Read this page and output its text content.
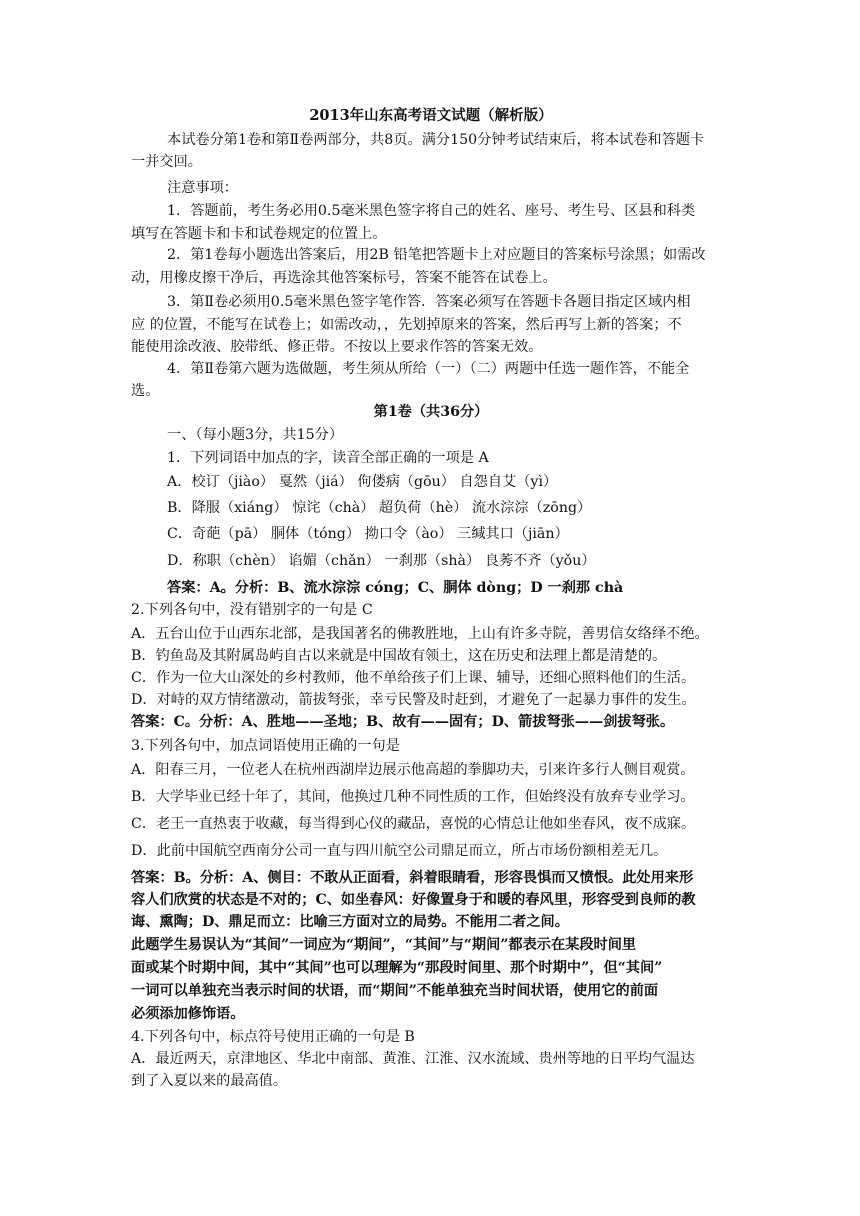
2013年山东高考语文试题（解析版）
本试卷分第1卷和第Ⅱ卷两部分，共8页。满分150分钟考试结束后，将本试卷和答题卡
一并交回。
注意事项：
1．答题前，考生务必用0.5毫米黑色签字将自己的姓名、座号、考生号、区县和科类
填写在答题卡和卡和试卷规定的位置上。
2．第1卷每小题选出答案后，用2B 铅笔把答题卡上对应题目的答案标号涂黑；如需改
动，用橡皮擦干净后，再选涂其他答案标号，答案不能答在试卷上。
3．第Ⅱ卷必须用0.5毫米黑色签字笔作答．答案必须写在答题卡各题目指定区域内相
应 的位置，不能写在试卷上；如需改动，，先划掉原来的答案，然后再写上新的答案；不
能使用涂改液、胶带纸、修正带。不按以上要求作答的答案无效。
4．第Ⅱ卷第六题为选做题，考生须从所给（一）（二）两题中任选一题作答，不能全
选。
第1卷（共36分）
一、（每小题3分，共15分）
1．下列词语中加点的字，读音全部正确的一项是 A
A．校订（jiào） 戛然（jiá） 佝偻病（gōu） 自怨自艾（yì）
B．降服（xiáng） 惊诧（chà） 超负荷（hè） 流水淙淙（zōng）
C．奇葩（pā） 胴体（tóng） 拗口令（ào） 三缄其口（jiān）
D．称职（chèn） 谄媚（chǎn） 一刹那（shà） 良莠不齐（yǒu）
答案：A。分析：B、流水淙淙 cóng；C、胴体 dòng；D 一刹那 chà
2.下列各句中，没有错别字的一句是 C
A．五台山位于山西东北部，是我国著名的佛教胜地，上山有许多寺院，善男信女络绎不绝。
B．钓鱼岛及其附属岛屿自古以来就是中国故有领土，这在历史和法理上都是清楚的。
C．作为一位大山深处的乡村教师，他不单给孩子们上课、辅导，还细心照料他们的生活。
D．对峙的双方情绪激动，箭拔弩张，幸亏民警及时赶到，才避免了一起暴力事件的发生。
答案：C。分析：A、胜地——圣地；B、故有——固有；D、箭拔弩张——剑拔弩张。
3.下列各句中，加点词语使用正确的一句是
A．阳春三月，一位老人在杭州西湖岸边展示他高超的拳脚功夫，引来许多行人侧目观赏。
B．大学毕业已经十年了，其间，他换过几种不同性质的工作，但始终没有放弃专业学习。
C．老王一直热衷于收藏，每当得到心仪的藏品，喜悦的心情总让他如坐春风，夜不成寐。
D．此前中国航空西南分公司一直与四川航空公司鼎足而立，所占市场份额相差无几。
答案：B。分析：A、侧目：不敢从正面看，斜着眼睛看，形容畏惧而又愤恨。此处用来形
容人们欣赏的状态是不对的；C、如坐春风：好像置身于和暖的春风里，形容受到良师的教
诲、熏陶；D、鼎足而立：比喻三方面对立的局势。不能用二者之间。
此题学生易误认为“其间”一词应为“期间”，“其间”与“期间”都表示在某段时间里
面或某个时期中间，其中“其间”也可以理解为“那段时间里、那个时期中”，但“其间”
一词可以单独充当表示时间的状语，而“期间”不能单独充当时间状语，使用它的前面
必须添加修饰语。
4.下列各句中，标点符号使用正确的一句是 B
A．最近两天，京津地区、华北中南部、黄淮、江淮、汉水流域、贵州等地的日平均气温达
到了入夏以来的最高值。
